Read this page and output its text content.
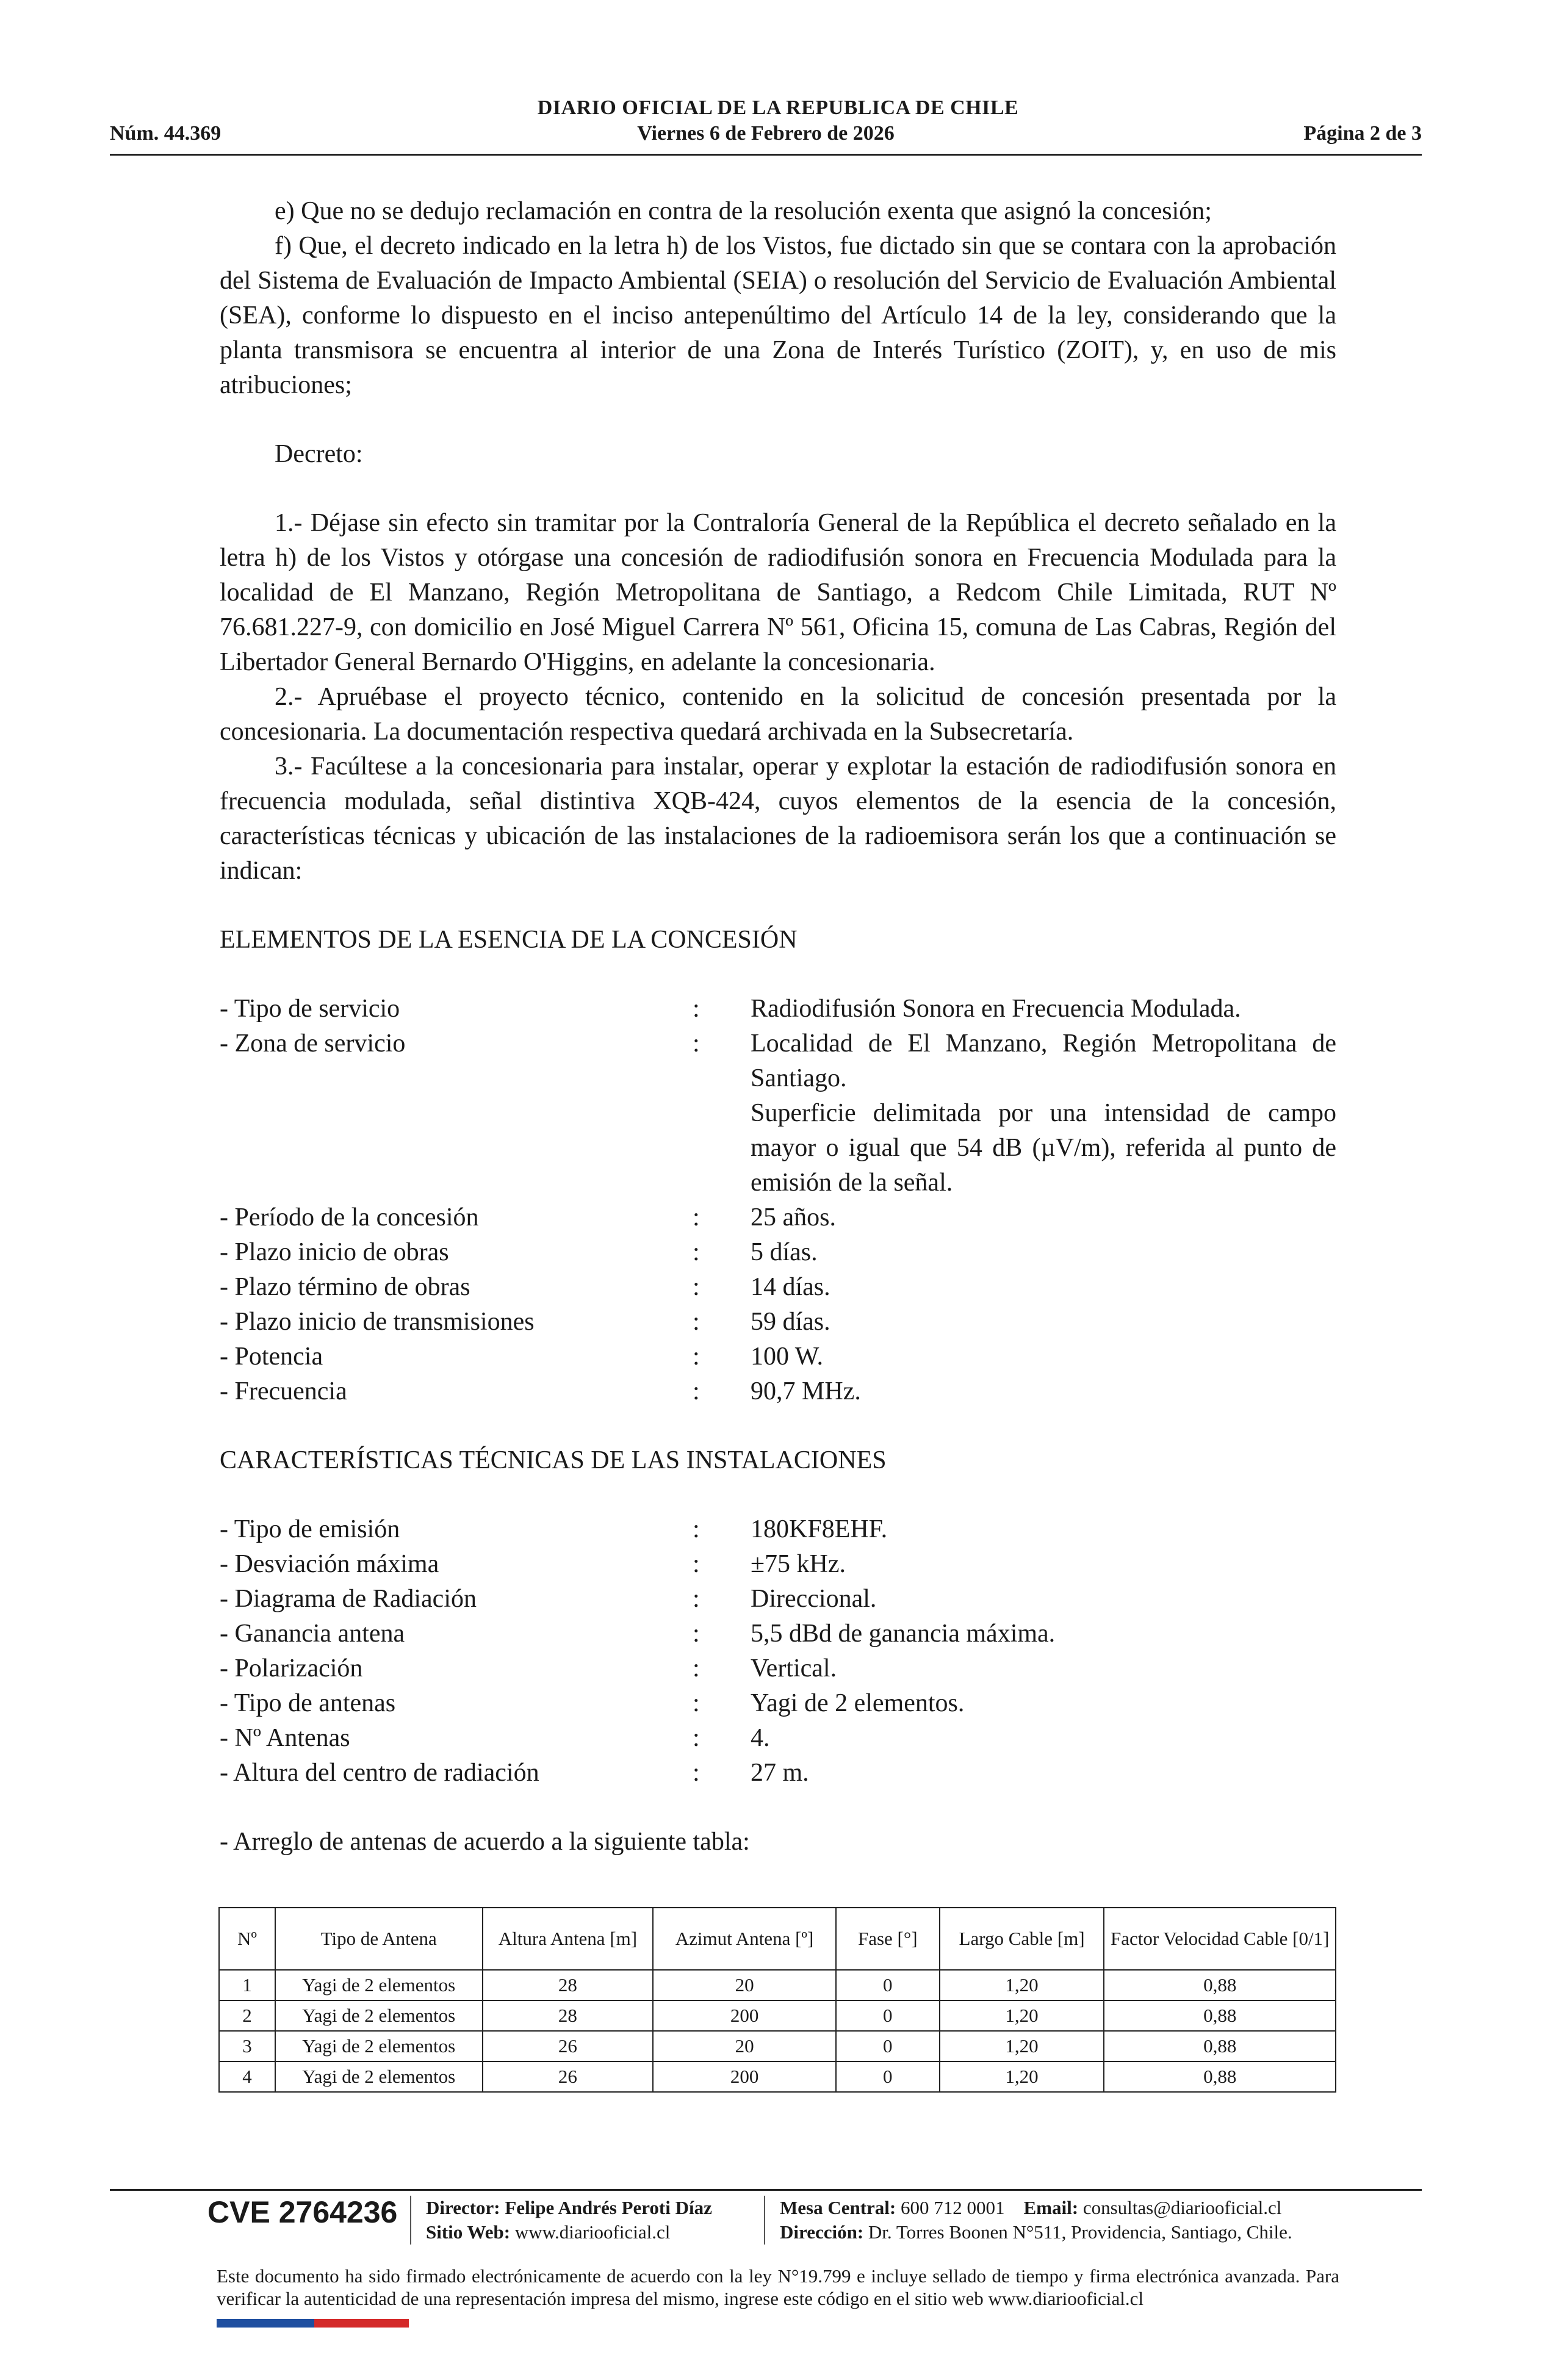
DIARIO OFICIAL DE LA REPUBLICA DE CHILE
Núm. 44.369	Viernes 6 de Febrero de 2026	Página 2 de 3

e) Que no se dedujo reclamación en contra de la resolución exenta que asignó la concesión;

f) Que, el decreto indicado en la letra h) de los Vistos, fue dictado sin que se contara con la aprobación del Sistema de Evaluación de Impacto Ambiental (SEIA) o resolución del Servicio de Evaluación Ambiental (SEA), conforme lo dispuesto en el inciso antepenúltimo del Artículo 14 de la ley, considerando que la planta transmisora se encuentra al interior de una Zona de Interés Turístico (ZOIT), y, en uso de mis atribuciones;

Decreto:

1.- Déjase sin efecto sin tramitar por la Contraloría General de la República el decreto señalado en la letra h) de los Vistos y otórgase una concesión de radiodifusión sonora en Frecuencia Modulada para la localidad de El Manzano, Región Metropolitana de Santiago, a Redcom Chile Limitada, RUT Nº 76.681.227-9, con domicilio en José Miguel Carrera Nº 561, Oficina 15, comuna de Las Cabras, Región del Libertador General Bernardo O'Higgins, en adelante la concesionaria.

2.- Apruébase el proyecto técnico, contenido en la solicitud de concesión presentada por la concesionaria. La documentación respectiva quedará archivada en la Subsecretaría.

3.- Facúltese a la concesionaria para instalar, operar y explotar la estación de radiodifusión sonora en frecuencia modulada, señal distintiva XQB-424, cuyos elementos de la esencia de la concesión, características técnicas y ubicación de las instalaciones de la radioemisora serán los que a continuación se indican:

ELEMENTOS DE LA ESENCIA DE LA CONCESIÓN

- Tipo de servicio	:	Radiodifusión Sonora en Frecuencia Modulada.
- Zona de servicio	:	Localidad de El Manzano, Región Metropolitana de Santiago.
Superficie delimitada por una intensidad de campo mayor o igual que 54 dB (µV/m), referida al punto de emisión de la señal.
- Período de la concesión	:	25 años.
- Plazo inicio de obras	:	5 días.
- Plazo término de obras	:	14 días.
- Plazo inicio de transmisiones	:	59 días.
- Potencia	:	100 W.
- Frecuencia	:	90,7 MHz.

CARACTERÍSTICAS TÉCNICAS DE LAS INSTALACIONES

- Tipo de emisión	:	180KF8EHF.
- Desviación máxima	:	±75 kHz.
- Diagrama de Radiación	:	Direccional.
- Ganancia antena	:	5,5 dBd de ganancia máxima.
- Polarización	:	Vertical.
- Tipo de antenas	:	Yagi de 2 elementos.
- Nº Antenas	:	4.
- Altura del centro de radiación	:	27 m.

- Arreglo de antenas de acuerdo a la siguiente tabla:

Nº	Tipo de Antena	Altura Antena [m]	Azimut Antena [º]	Fase [°]	Largo Cable [m]	Factor Velocidad Cable [0/1]
1	Yagi de 2 elementos	28	20	0	1,20	0,88
2	Yagi de 2 elementos	28	200	0	1,20	0,88
3	Yagi de 2 elementos	26	20	0	1,20	0,88
4	Yagi de 2 elementos	26	200	0	1,20	0,88
CVE 2764236 Director: Felipe Andrés Peroti Díaz
Sitio Web: www.diariooficial.cl
Mesa Central: 600 712 0001 Email: consultas@diariooficial.cl
Dirección: Dr. Torres Boonen N°511, Providencia, Santiago, Chile.
Este documento ha sido firmado electrónicamente de acuerdo con la ley N°19.799 e incluye sellado de tiempo y firma electrónica avanzada. Para verificar la autenticidad de una representación impresa del mismo, ingrese este código en el sitio web www.diariooficial.cl
